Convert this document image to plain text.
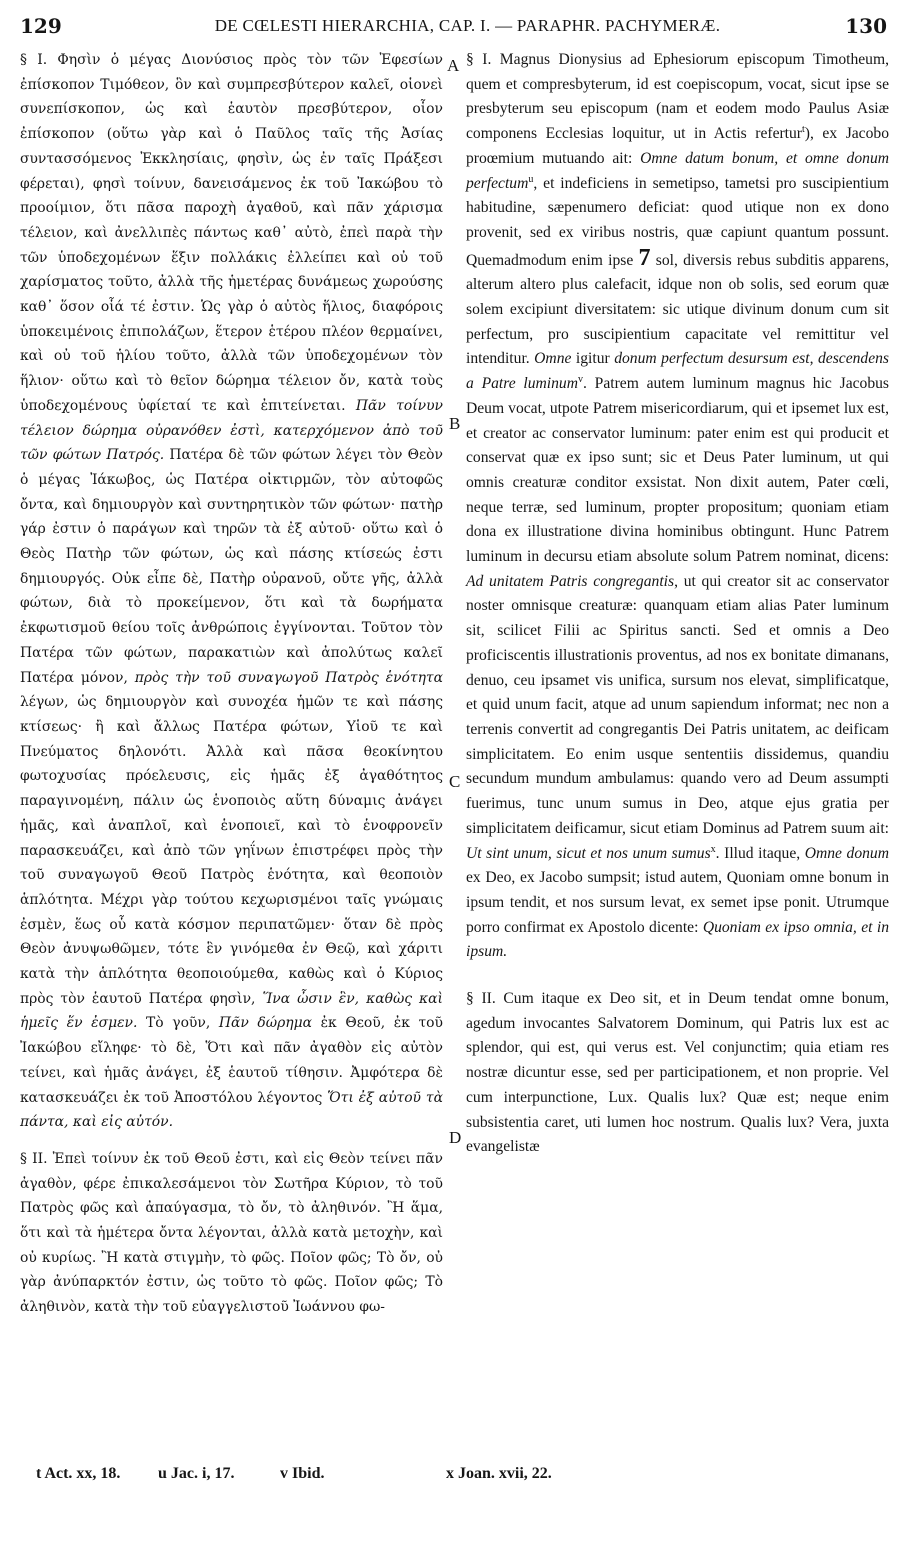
129	DE CŒLESTI HIERARCHIA, CAP. I. — PARAPHR. PACHYMERÆ.	130

§ I. Φησὶν ὁ μέγας Διονύσιος πρὸς τὸν τῶν Ἐφεσίων ἐπίσκοπον Τιμόθεον, ὃν καὶ συμπρεσβύτερον καλεῖ, οἱονεὶ συνεπίσκοπον, ὡς καὶ ἑαυτὸν πρεσβύτερον, οἷον ἐπίσκοπον (οὕτω γὰρ καὶ ὁ Παῦλος ταῖς τῆς Ἀσίας συντασσόμενος Ἐκκλησίαις, φησὶν, ὡς ἐν ταῖς Πράξεσι φέρεται), φησὶ τοίνυν, δανεισάμενος ἐκ τοῦ Ἰακώβου τὸ προοίμιον, ὅτι πᾶσα παροχὴ ἀγαθοῦ, καὶ πᾶν χάρισμα τέλειον, καὶ ἀνελλιπὲς πάντως καθ᾽ αὐτὸ, ἐπεὶ παρὰ τὴν τῶν ὑποδεχομένων ἕξιν πολλάκις ἐλλείπει καὶ οὐ τοῦ χαρίσματος τοῦτο, ἀλλὰ τῆς ἡμετέρας δυνάμεως χωρούσης καθ᾽ ὅσον οἷά τέ ἐστιν. Ὡς γὰρ ὁ αὐτὸς ἥλιος, διαφόροις ὑποκειμένοις ἐπιπολάζων, ἕτερον ἑτέρου πλέον θερμαίνει, καὶ οὐ τοῦ ἡλίου τοῦτο, ἀλλὰ τῶν ὑποδεχομένων τὸν ἥλιον· οὕτω καὶ τὸ θεῖον δώρημα τέλειον ὄν, κατὰ τοὺς ὑποδεχομένους ὑφίεταί τε καὶ ἐπιτείνεται. Πᾶν τοίνυν τέλειον δώρημα οὐρανόθεν ἐστὶ, κατερχόμενον ἀπὸ τοῦ τῶν φώτων Πατρός. Πατέρα δὲ τῶν φώτων λέγει τὸν Θεὸν ὁ μέγας Ἰάκωβος, ὡς Πατέρα οἰκτιρμῶν, τὸν αὐτοφῶς ὄντα, καὶ δημιουργὸν καὶ συντηρητικὸν τῶν φώτων· πατὴρ γάρ ἐστιν ὁ παράγων καὶ τηρῶν τὰ ἐξ αὐτοῦ· οὕτω καὶ ὁ Θεὸς Πατὴρ τῶν φώτων, ὡς καὶ πάσης κτίσεώς ἐστι δημιουργός. Οὐκ εἶπε δὲ, Πατὴρ οὐρανοῦ, οὔτε γῆς, ἀλλὰ φώτων, διὰ τὸ προκείμενον, ὅτι καὶ τὰ δωρήματα ἐκφωτισμοῦ θείου τοῖς ἀνθρώποις ἐγγίνονται. Τοῦτον τὸν Πατέρα τῶν φώτων, παρακατιὼν καὶ ἀπολύτως καλεῖ Πατέρα μόνον, πρὸς τὴν τοῦ συναγωγοῦ Πατρὸς ἑνότητα λέγων, ὡς δημιουργὸν καὶ συνοχέα ἡμῶν τε καὶ πάσης κτίσεως· ἢ καὶ ἄλλως Πατέρα φώτων, Υἱοῦ τε καὶ Πνεύματος δηλονότι. Ἀλλὰ καὶ πᾶσα θεοκίνητου φωτοχυσίας πρόελευσις, εἰς ἡμᾶς ἐξ ἀγαθότητος παραγινομένη, πάλιν ὡς ἑνοποιὸς αὕτη δύναμις ἀνάγει ἡμᾶς, καὶ ἀναπλοῖ, καὶ ἑνοποιεῖ, καὶ τὸ ἑνοφρονεῖν παρασκευάζει, καὶ ἀπὸ τῶν γηΐνων ἐπιστρέφει πρὸς τὴν τοῦ συναγωγοῦ Θεοῦ Πατρὸς ἑνότητα, καὶ θεοποιὸν ἁπλότητα. Μέχρι γὰρ τούτου κεχωρισμένοι ταῖς γνώμαις ἐσμὲν, ἕως οὗ κατὰ κόσμον περιπατῶμεν· ὅταν δὲ πρὸς Θεὸν ἀνυψωθῶμεν, τότε ἓν γινόμεθα ἐν Θεῷ, καὶ χάριτι κατὰ τὴν ἁπλότητα θεοποιούμεθα, καθὼς καὶ ὁ Κύριος πρὸς τὸν ἑαυτοῦ Πατέρα φησὶν, Ἵνα ὦσιν ἓν, καθὼς καὶ ἡμεῖς ἕν ἐσμεν. Τὸ γοῦν, Πᾶν δώρημα ἐκ Θεοῦ, ἐκ τοῦ Ἰακώβου εἴληφε· τὸ δὲ, Ὅτι καὶ πᾶν ἀγαθὸν εἰς αὐτὸν τείνει, καὶ ἡμᾶς ἀνάγει, ἐξ ἑαυτοῦ τίθησιν. Ἀμφότερα δὲ κατασκευάζει ἐκ τοῦ Ἀποστόλου λέγοντος Ὅτι ἐξ αὐτοῦ τὰ πάντα, καὶ εἰς αὐτόν.

§ II. Ἐπεὶ τοίνυν ἐκ τοῦ Θεοῦ ἐστι, καὶ εἰς Θεὸν τείνει πᾶν ἀγαθὸν, φέρε ἐπικαλεσάμενοι τὸν Σωτῆρα Κύριον, τὸ τοῦ Πατρὸς φῶς καὶ ἀπαύγασμα, τὸ ὄν, τὸ ἀληθινόν. Ἢ ἅμα, ὅτι καὶ τὰ ἡμέτερα ὄντα λέγονται, ἀλλὰ κατὰ μετοχὴν, καὶ οὐ κυρίως. Ἢ κατὰ στιγμὴν, τὸ φῶς. Ποῖον φῶς; Τὸ ὄν, οὐ γὰρ ἀνύπαρκτόν ἐστιν, ὡς τοῦτο τὸ φῶς. Ποῖον φῶς; Τὸ ἀληθινὸν, κατὰ τὴν τοῦ εὐαγγελιστοῦ Ἰωάννου φω-

A
B
C
D

§ I. Magnus Dionysius ad Ephesiorum episcopum Timotheum, quem et compresbyterum, id est coepiscopum, vocat, sicut ipse se presbyterum seu episcopum (nam et eodem modo Paulus Asiæ componens Ecclesias loquitur, ut in Actis refertur$^t$), ex Jacobo proœmium mutuando ait: Omne datum bonum, et omne donum perfectum$^u$, et indeficiens in semetipso, tametsi pro suscipientium habitudine, sæpenumero deficiat: quod utique non ex dono provenit, sed ex viribus nostris, quæ capiunt quantum possunt. Quemadmodum enim ipse 7 sol, diversis rebus subditis apparens, alterum altero plus calefacit, idque non ob solis, sed eorum quæ solem excipiunt diversitatem: sic utique divinum donum cum sit perfectum, pro suscipientium capacitate vel remittitur vel intenditur. Omne igitur donum perfectum desursum est, descendens a Patre luminum$^v$. Patrem autem luminum magnus hic Jacobus Deum vocat, utpote Patrem misericordiarum, qui et ipsemet lux est, et creator ac conservator luminum: pater enim est qui producit et conservat quæ ex ipso sunt; sic et Deus Pater luminum, ut qui omnis creaturæ conditor exsistat. Non dixit autem, Pater cœli, neque terræ, sed luminum, propter propositum; quoniam etiam dona ex illustratione divina hominibus obtingunt. Hunc Patrem luminum in decursu etiam absolute solum Patrem nominat, dicens: Ad unitatem Patris congregantis, ut qui creator sit ac conservator noster omnisque creaturæ: quanquam etiam alias Pater luminum sit, scilicet Filii ac Spiritus sancti. Sed et omnis a Deo proficiscentis illustrationis proventus, ad nos ex bonitate dimanans, denuo, ceu ipsamet vis unifica, sursum nos elevat, simplificatque, et quid unum facit, atque ad unum sapiendum informat; nec non a terrenis convertit ad congregantis Dei Patris unitatem, ac deificam simplicitatem. Eo enim usque sententiis dissidemus, quandiu secundum mundum ambulamus: quando vero ad Deum assumpti fuerimus, tunc unum sumus in Deo, atque ejus gratia per simplicitatem deificamur, sicut etiam Dominus ad Patrem suum ait: Ut sint unum, sicut et nos unum sumus$^x$. Illud itaque, Omne donum ex Deo, ex Jacobo sumpsit; istud autem, Quoniam omne bonum in ipsum tendit, et nos sursum levat, ex semet ipse ponit. Utrumque porro confirmat ex Apostolo dicente: Quoniam ex ipso omnia, et in ipsum.

§ II. Cum itaque ex Deo sit, et in Deum tendat omne bonum, agedum invocantes Salvatorem Dominum, qui Patris lux est ac splendor, qui est, qui verus est. Vel conjunctim; quia etiam res nostræ dicuntur esse, sed per participationem, et non proprie. Vel cum interpunctione, Lux. Qualis lux? Quæ est; neque enim subsistentia caret, uti lumen hoc nostrum. Qualis lux? Vera, juxta evangelistæ

t Act. xx, 18. u Jac. i, 17.	v Ibid.	x Joan. xvii, 22.
